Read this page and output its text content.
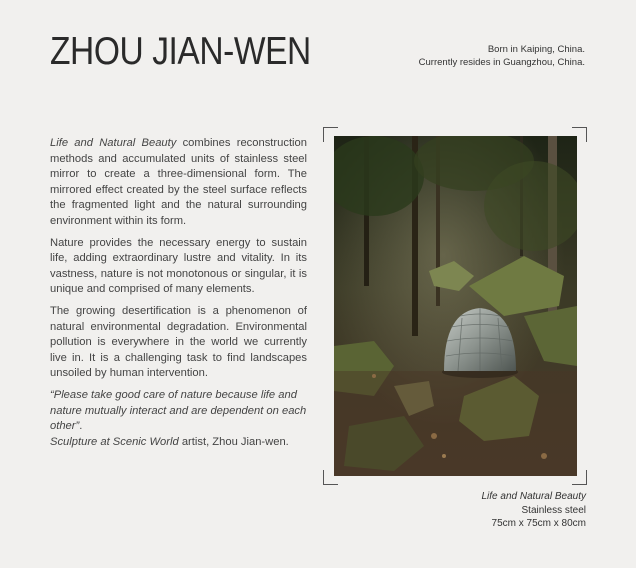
ZHOU JIAN-WEN	Born in Kaiping, China.
Currently resides in Guangzhou, China.

Life and Natural Beauty combines reconstruction methods and accumulated units of stainless steel mirror to create a three-dimensional form. The mirrored effect created by the steel surface reflects the fragmented light and the natural surrounding environment within its form.

Nature provides the necessary energy to sustain life, adding extraordinary lustre and vitality. In its vastness, nature is not monotonous or singular, it is unique and comprised of many elements.

The growing desertification is a phenomenon of natural environmental degradation. Environmental pollution is everywhere in the world we currently live in. It is a challenging task to find landscapes unsoiled by human intervention.

“Please take good care of nature because life and nature mutually interact and are dependent on each other”.
Sculpture at Scenic World artist, Zhou Jian-wen.
Life and Natural Beauty
Stainless steel
75cm x 75cm x 80cm
